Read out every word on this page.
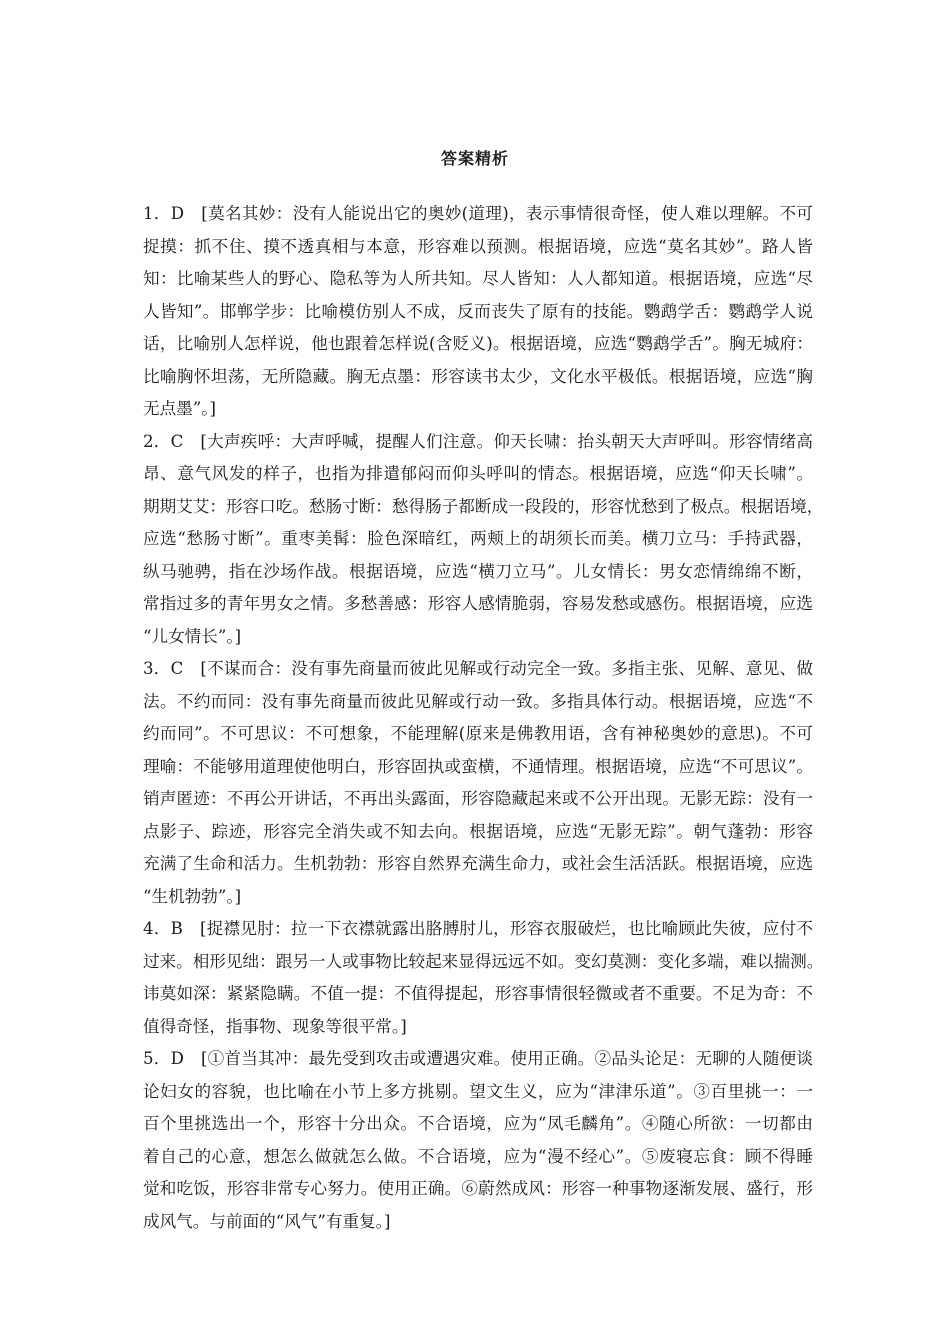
答案精析
1．D　[莫名其妙：没有人能说出它的奥妙(道理)，表示事情很奇怪，使人难以理解。不可
捉摸：抓不住、摸不透真相与本意，形容难以预测。根据语境，应选“莫名其妙”。路人皆
知：比喻某些人的野心、隐私等为人所共知。尽人皆知：人人都知道。根据语境，应选“尽
人皆知”。邯郸学步：比喻模仿别人不成，反而丧失了原有的技能。鹦鹉学舌：鹦鹉学人说
话，比喻别人怎样说，他也跟着怎样说(含贬义)。根据语境，应选“鹦鹉学舌”。胸无城府：
比喻胸怀坦荡，无所隐藏。胸无点墨：形容读书太少，文化水平极低。根据语境，应选“胸
无点墨”。]
2．C　[大声疾呼：大声呼喊，提醒人们注意。仰天长啸：抬头朝天大声呼叫。形容情绪高
昂、意气风发的样子，也指为排遣郁闷而仰头呼叫的情态。根据语境，应选“仰天长啸”。
期期艾艾：形容口吃。愁肠寸断：愁得肠子都断成一段段的，形容忧愁到了极点。根据语境，
应选“愁肠寸断”。重枣美髯：脸色深暗红，两颊上的胡须长而美。横刀立马：手持武器，
纵马驰骋，指在沙场作战。根据语境，应选“横刀立马”。儿女情长：男女恋情绵绵不断，
常指过多的青年男女之情。多愁善感：形容人感情脆弱，容易发愁或感伤。根据语境，应选
“儿女情长”。]
3．C　[不谋而合：没有事先商量而彼此见解或行动完全一致。多指主张、见解、意见、做
法。不约而同：没有事先商量而彼此见解或行动一致。多指具体行动。根据语境，应选“不
约而同”。不可思议：不可想象，不能理解(原来是佛教用语，含有神秘奥妙的意思)。不可
理喻：不能够用道理使他明白，形容固执或蛮横，不通情理。根据语境，应选“不可思议”。
销声匿迹：不再公开讲话，不再出头露面，形容隐藏起来或不公开出现。无影无踪：没有一
点影子、踪迹，形容完全消失或不知去向。根据语境，应选“无影无踪”。朝气蓬勃：形容
充满了生命和活力。生机勃勃：形容自然界充满生命力，或社会生活活跃。根据语境，应选
“生机勃勃”。]
4．B　[捉襟见肘：拉一下衣襟就露出胳膊肘儿，形容衣服破烂，也比喻顾此失彼，应付不
过来。相形见绌：跟另一人或事物比较起来显得远远不如。变幻莫测：变化多端，难以揣测。
讳莫如深：紧紧隐瞒。不值一提：不值得提起，形容事情很轻微或者不重要。不足为奇：不
值得奇怪，指事物、现象等很平常。]
5．D　[①首当其冲：最先受到攻击或遭遇灾难。使用正确。②品头论足：无聊的人随便谈
论妇女的容貌，也比喻在小节上多方挑剔。望文生义，应为“津津乐道”。③百里挑一：一
百个里挑选出一个，形容十分出众。不合语境，应为“凤毛麟角”。④随心所欲：一切都由
着自己的心意，想怎么做就怎么做。不合语境，应为“漫不经心”。⑤废寝忘食：顾不得睡
觉和吃饭，形容非常专心努力。使用正确。⑥蔚然成风：形容一种事物逐渐发展、盛行，形
成风气。与前面的“风气”有重复。]
